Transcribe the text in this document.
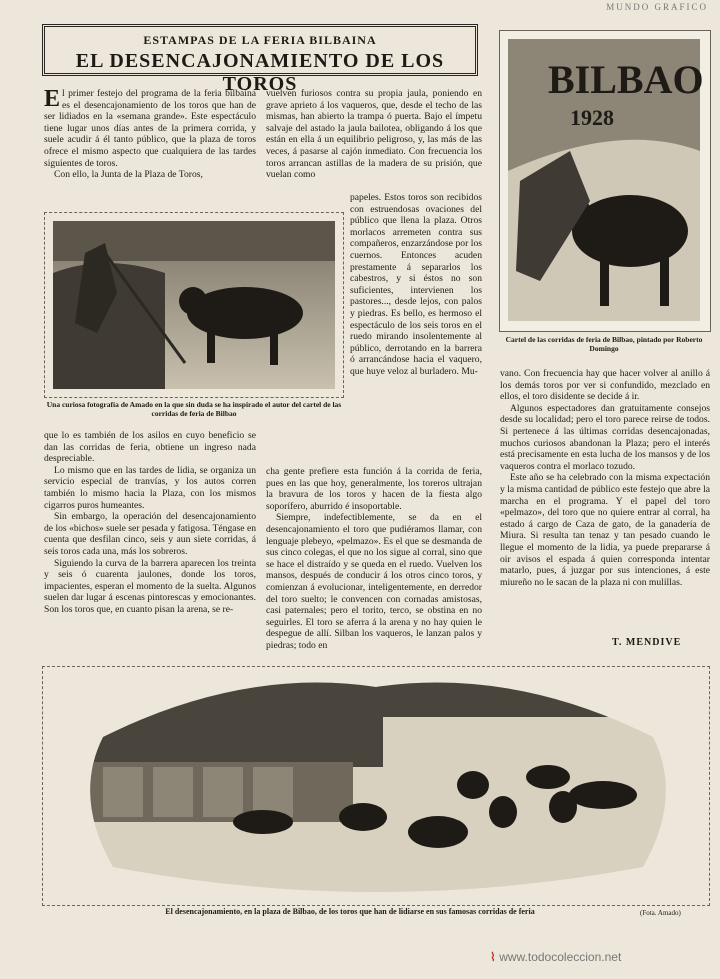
MUNDO GRAFICO
ESTAMPAS DE LA FERIA BILBAINA
EL DESENCAJONAMIENTO DE LOS TOROS

El primer festejo del programa de la feria bilbaína es el desencajonamiento de los toros que han de ser lidiados en la «semana grande». Este espectáculo tiene lugar unos días antes de la primera corrida, y suele acudir á él tanto público, que la plaza de toros ofrece el mismo aspecto que cualquiera de las tardes siguientes de toros.

Con ello, la Junta de la Plaza de Toros,

Una curiosa fotografía de Amado en la que sin duda se ha inspirado el autor del cartel de las corridas de feria de Bilbao

que lo es también de los asilos en cuyo beneficio se dan las corridas de feria, obtiene un ingreso nada despreciable.

Lo mismo que en las tardes de lidia, se organiza un servicio especial de tranvías, y los autos corren también lo mismo hacia la Plaza, con los mismos cigarros puros humeantes.

Sin embargo, la operación del desencajonamiento de los «bichos» suele ser pesada y fatigosa. Téngase en cuenta que desfilan cinco, seis y aun siete corridas, á seis toros cada una, más los sobreros.

Siguiendo la curva de la barrera aparecen los treinta y seis ó cuarenta jaulones, donde los toros, impacientes, esperan el momento de la suelta. Algunos suelen dar lugar á escenas pintorescas y emocionantes. Son los toros que, en cuanto pisan la arena, se re-

vuelven furiosos contra su propia jaula, poniendo en grave aprieto á los vaqueros, que, desde el techo de las mismas, han abierto la trampa ó puerta. Bajo el ímpetu salvaje del astado la jaula bailotea, obligando á los que están en ella á un equilibrio peligroso, y, las más de las veces, á pasarse al cajón inmediato. Con frecuencia los toros arrancan astillas de la madera de su prisión, que vuelan como

papeles. Estos toros son recibidos con estruendosas ovaciones del público que llena la plaza. Otros morlacos arremeten contra sus compañeros, enzarzándose por los cuernos. Entonces acuden prestamente á separarlos los cabestros, y si éstos no son suficientes, intervienen los pastores..., desde lejos, con palos y piedras. Es bello, es hermoso el espectáculo de los seis toros en el ruedo mirando insolentemente al público, derrotando en la barrera ó arrancándose hacia el vaquero, que huye veloz al burladero. Mu-

cha gente prefiere esta función á la corrida de feria, pues en las que hoy, generalmente, los toreros ultrajan la bravura de los toros y hacen de la fiesta algo soporífero, aburrido é insoportable.

Siempre, indefectiblemente, se da en el desencajonamiento el toro que pudiéramos llamar, con lenguaje plebeyo, «pelmazo». Es el que se desmanda de sus cinco colegas, el que no los sigue al corral, sino que se hace el distraído y se queda en el ruedo. Vuelven los mansos, después de conducir á los otros cinco toros, y comienzan á evolucionar, inteligentemente, en derredor del toro suelto; le convencen con cornadas amistosas, casi paternales; pero el torito, terco, se obstina en no seguirles. El toro se aferra á la arena y no hay quien le despegue de allí. Silban los vaqueros, le lanzan palos y piedras; todo en

BILBAO
1928
Cartel de las corridas de feria de Bilbao, pintado por Roberto Domingo

vano. Con frecuencia hay que hacer volver al anillo á los demás toros por ver si confundido, mezclado en ellos, el toro disidente se decide á ir.

Algunos espectadores dan gratuitamente consejos desde su localidad; pero el toro parece reirse de todos. Si pertenece á las últimas corridas desencajonadas, muchos curiosos abandonan la Plaza; pero el interés está precisamente en esta lucha de los mansos y de los vaqueros contra el morlaco tozudo.

Este año se ha celebrado con la misma expectación y la misma cantidad de público este festejo que abre la marcha en el programa. Y el papel del toro «pelmazo», del toro que no quiere entrar al corral, ha estado á cargo de Caza de gato, de la ganadería de Miura. Si resulta tan tenaz y tan pesado cuando le llegue el momento de la lidia, ya puede prepararse á oir avisos el espada á quien corresponda intentar matarlo, pues, á juzgar por sus intenciones, á este miureño no le sacan de la plaza ni con mulillas.

T. MENDIVE
El desencajonamiento, en la plaza de Bilbao, de los toros que han de lidiarse en sus famosas corridas de feria	(Fota. Amado)
⌇ www.todocoleccion.net
